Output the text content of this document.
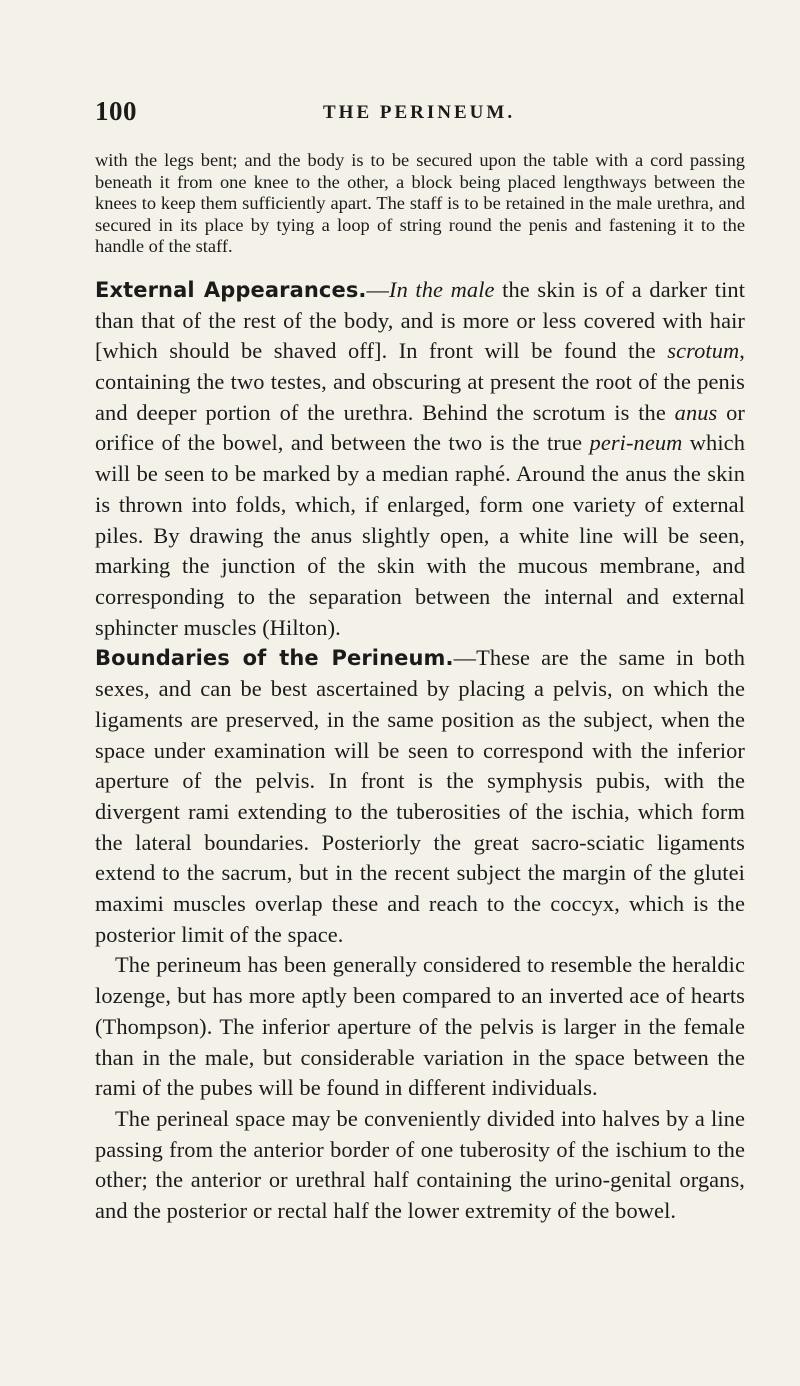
100	THE PERINEUM.

with the legs bent; and the body is to be secured upon the table with a cord passing beneath it from one knee to the other, a block being placed lengthways between the knees to keep them sufficiently apart. The staff is to be retained in the male urethra, and secured in its place by tying a loop of string round the penis and fastening it to the handle of the staff.

External Appearances.—In the male the skin is of a darker tint than that of the rest of the body, and is more or less covered with hair [which should be shaved off]. In front will be found the scrotum, containing the two testes, and obscuring at present the root of the penis and deeper portion of the urethra. Behind the scrotum is the anus or orifice of the bowel, and between the two is the true peri-neum which will be seen to be marked by a median raphé. Around the anus the skin is thrown into folds, which, if enlarged, form one variety of external piles. By drawing the anus slightly open, a white line will be seen, marking the junction of the skin with the mucous membrane, and corresponding to the separation between the internal and external sphincter muscles (Hilton).

Boundaries of the Perineum.—These are the same in both sexes, and can be best ascertained by placing a pelvis, on which the ligaments are preserved, in the same position as the subject, when the space under examination will be seen to correspond with the inferior aperture of the pelvis. In front is the symphysis pubis, with the divergent rami extending to the tuberosities of the ischia, which form the lateral boundaries. Posteriorly the great sacro-sciatic ligaments extend to the sacrum, but in the recent subject the margin of the glutei maximi muscles overlap these and reach to the coccyx, which is the posterior limit of the space.

The perineum has been generally considered to resemble the heraldic lozenge, but has more aptly been compared to an inverted ace of hearts (Thompson). The inferior aperture of the pelvis is larger in the female than in the male, but considerable variation in the space between the rami of the pubes will be found in different individuals.

The perineal space may be conveniently divided into halves by a line passing from the anterior border of one tuberosity of the ischium to the other; the anterior or urethral half containing the urino-genital organs, and the posterior or rectal half the lower extremity of the bowel.
